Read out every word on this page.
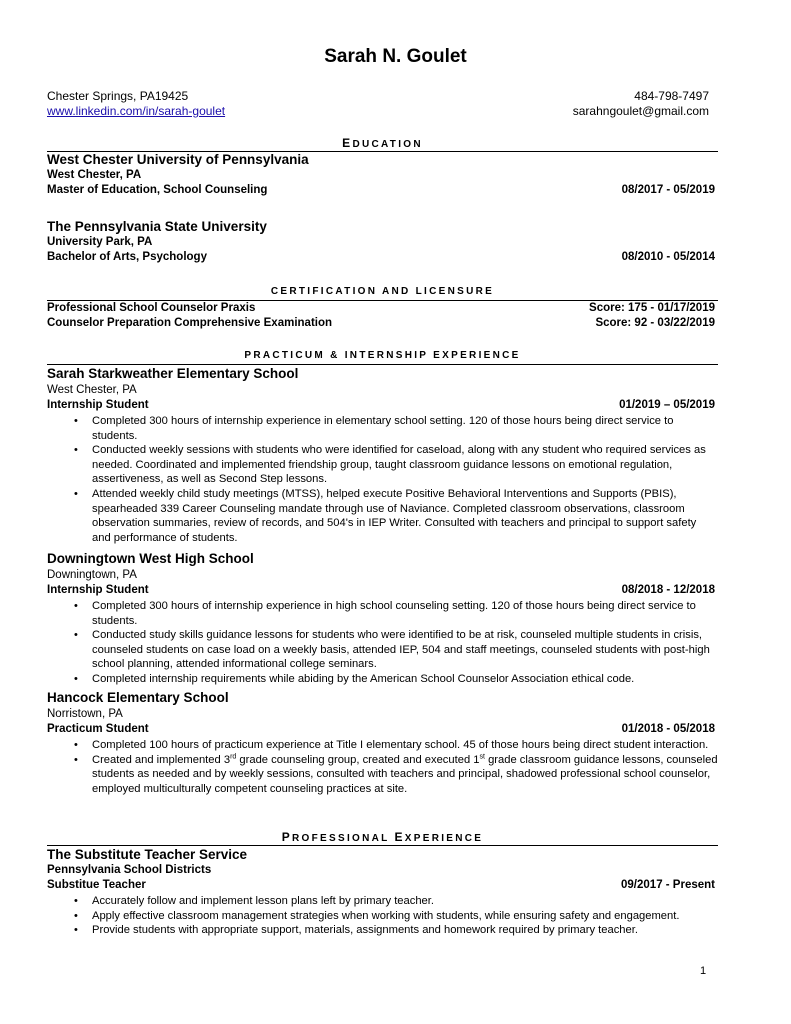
Sarah N. Goulet
Chester Springs, PA19425	484-798-7497
www.linkedin.com/in/sarah-goulet	sarahngoulet@gmail.com
EDUCATION
West Chester University of Pennsylvania
West Chester, PA
Master of Education, School Counseling	08/2017 - 05/2019
The Pennsylvania State University
University Park, PA
Bachelor of Arts, Psychology	08/2010 - 05/2014
CERTIFICATION AND LICENSURE
Professional School Counselor Praxis	Score: 175 - 01/17/2019
Counselor Preparation Comprehensive Examination	Score: 92 - 03/22/2019
PRACTICUM & INTERNSHIP EXPERIENCE
Sarah Starkweather Elementary School
West Chester, PA
Internship Student	01/2019 – 05/2019
• Completed 300 hours of internship experience in elementary school setting. 120 of those hours being direct service to students.
• Conducted weekly sessions with students who were identified for caseload, along with any student who required services as needed. Coordinated and implemented friendship group, taught classroom guidance lessons on emotional regulation, assertiveness, as well as Second Step lessons.
• Attended weekly child study meetings (MTSS), helped execute Positive Behavioral Interventions and Supports (PBIS), spearheaded 339 Career Counseling mandate through use of Naviance. Completed classroom observations, classroom observation summaries, review of records, and 504's in IEP Writer. Consulted with teachers and principal to support safety and performance of students.
Downingtown West High School
Downingtown, PA
Internship Student	08/2018 - 12/2018
• Completed 300 hours of internship experience in high school counseling setting. 120 of those hours being direct service to students.
• Conducted study skills guidance lessons for students who were identified to be at risk, counseled multiple students in crisis, counseled students on case load on a weekly basis, attended IEP, 504 and staff meetings, counseled students with post-high school planning, attended informational college seminars.
• Completed internship requirements while abiding by the American School Counselor Association ethical code.
Hancock Elementary School
Norristown, PA
Practicum Student	01/2018 - 05/2018
• Completed 100 hours of practicum experience at Title I elementary school. 45 of those hours being direct student interaction.
• Created and implemented 3rd grade counseling group, created and executed 1st grade classroom guidance lessons, counseled students as needed and by weekly sessions, consulted with teachers and principal, shadowed professional school counselor, employed multiculturally competent counseling practices at site.
PROFESSIONAL EXPERIENCE
The Substitute Teacher Service
Pennsylvania School Districts
Substitue Teacher	09/2017 - Present
• Accurately follow and implement lesson plans left by primary teacher.
• Apply effective classroom management strategies when working with students, while ensuring safety and engagement.
• Provide students with appropriate support, materials, assignments and homework required by primary teacher.
1
